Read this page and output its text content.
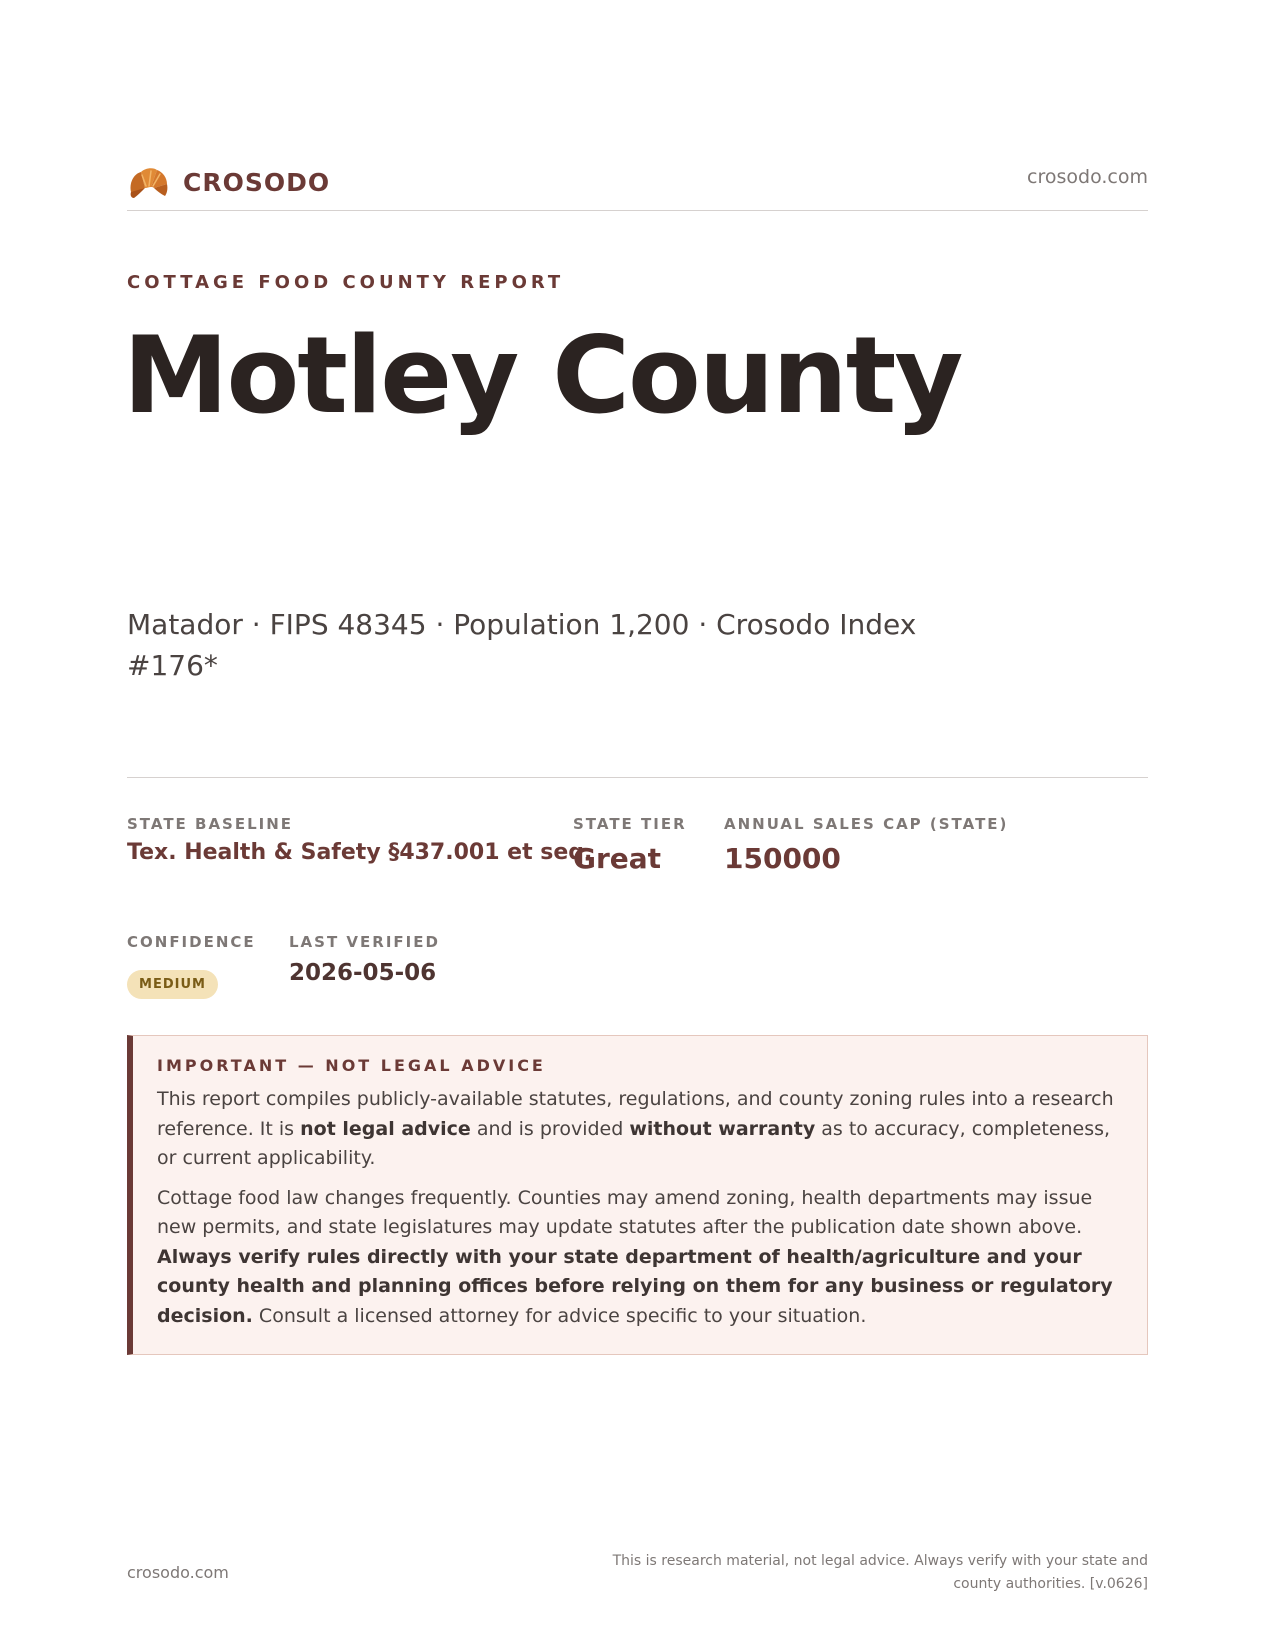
CROSODO	crosodo.com
COTTAGE FOOD COUNTY REPORT
Motley County
Matador · FIPS 48345 · Population 1,200 · Crosodo Index #176*
STATE BASELINE
Tex. Health & Safety §437.001 et seq.
STATE TIER
Great
ANNUAL SALES CAP (STATE)
150000
CONFIDENCE
MEDIUM
LAST VERIFIED
2026-05-06
IMPORTANT — NOT LEGAL ADVICE

This report compiles publicly-available statutes, regulations, and county zoning rules into a research reference. It is not legal advice and is provided without warranty as to accuracy, completeness, or current applicability.

Cottage food law changes frequently. Counties may amend zoning, health departments may issue new permits, and state legislatures may update statutes after the publication date shown above. Always verify rules directly with your state department of health/agriculture and your county health and planning offices before relying on them for any business or regulatory decision. Consult a licensed attorney for advice specific to your situation.

crosodo.com
This is research material, not legal advice. Always verify with your state and county authorities. [v.0626]
